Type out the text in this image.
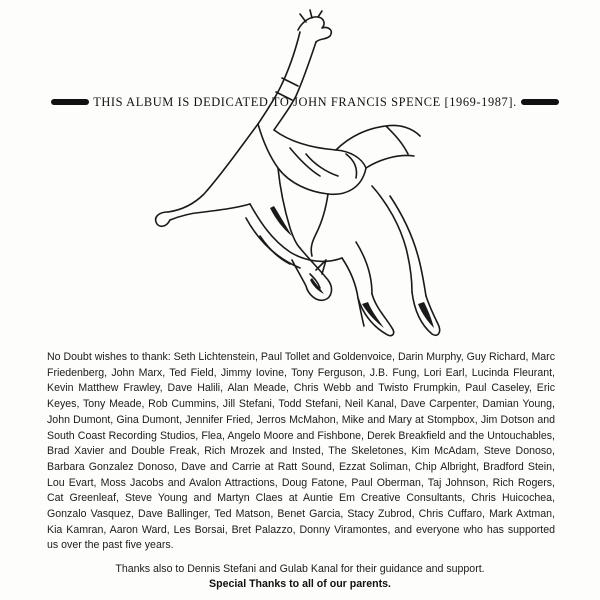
THIS ALBUM IS DEDICATED TO JOHN FRANCIS SPENCE [1969-1987].

No Doubt wishes to thank: Seth Lichtenstein, Paul Tollet and Goldenvoice, Darin Murphy, Guy Richard, Marc Friedenberg, John Marx, Ted Field, Jimmy Iovine, Tony Ferguson, J.B. Fung, Lori Earl, Lucinda Fleurant, Kevin Matthew Frawley, Dave Halili, Alan Meade, Chris Webb and Twisto Frumpkin, Paul Caseley, Eric Keyes, Tony Meade, Rob Cummins, Jill Stefani, Todd Stefani, Neil Kanal, Dave Carpenter, Damian Young, John Dumont, Gina Dumont, Jennifer Fried, Jerros McMahon, Mike and Mary at Stompbox, Jim Dotson and South Coast Recording Studios, Flea, Angelo Moore and Fishbone, Derek Breakfield and the Untouchables, Brad Xavier and Double Freak, Rich Mrozek and Insted, The Skeletones, Kim McAdam, Steve Donoso, Barbara Gonzalez Donoso, Dave and Carrie at Ratt Sound, Ezzat Soliman, Chip Albright, Bradford Stein, Lou Evart, Moss Jacobs and Avalon Attractions, Doug Fatone, Paul Oberman, Taj Johnson, Rich Rogers, Cat Greenleaf, Steve Young and Martyn Claes at Auntie Em Creative Consultants, Chris Huicochea, Gonzalo Vasquez, Dave Ballinger, Ted Matson, Benet Garcia, Stacy Zubrod, Chris Cuffaro, Mark Axtman, Kia Kamran, Aaron Ward, Les Borsai, Bret Palazzo, Donny Viramontes, and everyone who has supported us over the past five years.

Thanks also to Dennis Stefani and Gulab Kanal for their guidance and support.

Special Thanks to all of our parents.
